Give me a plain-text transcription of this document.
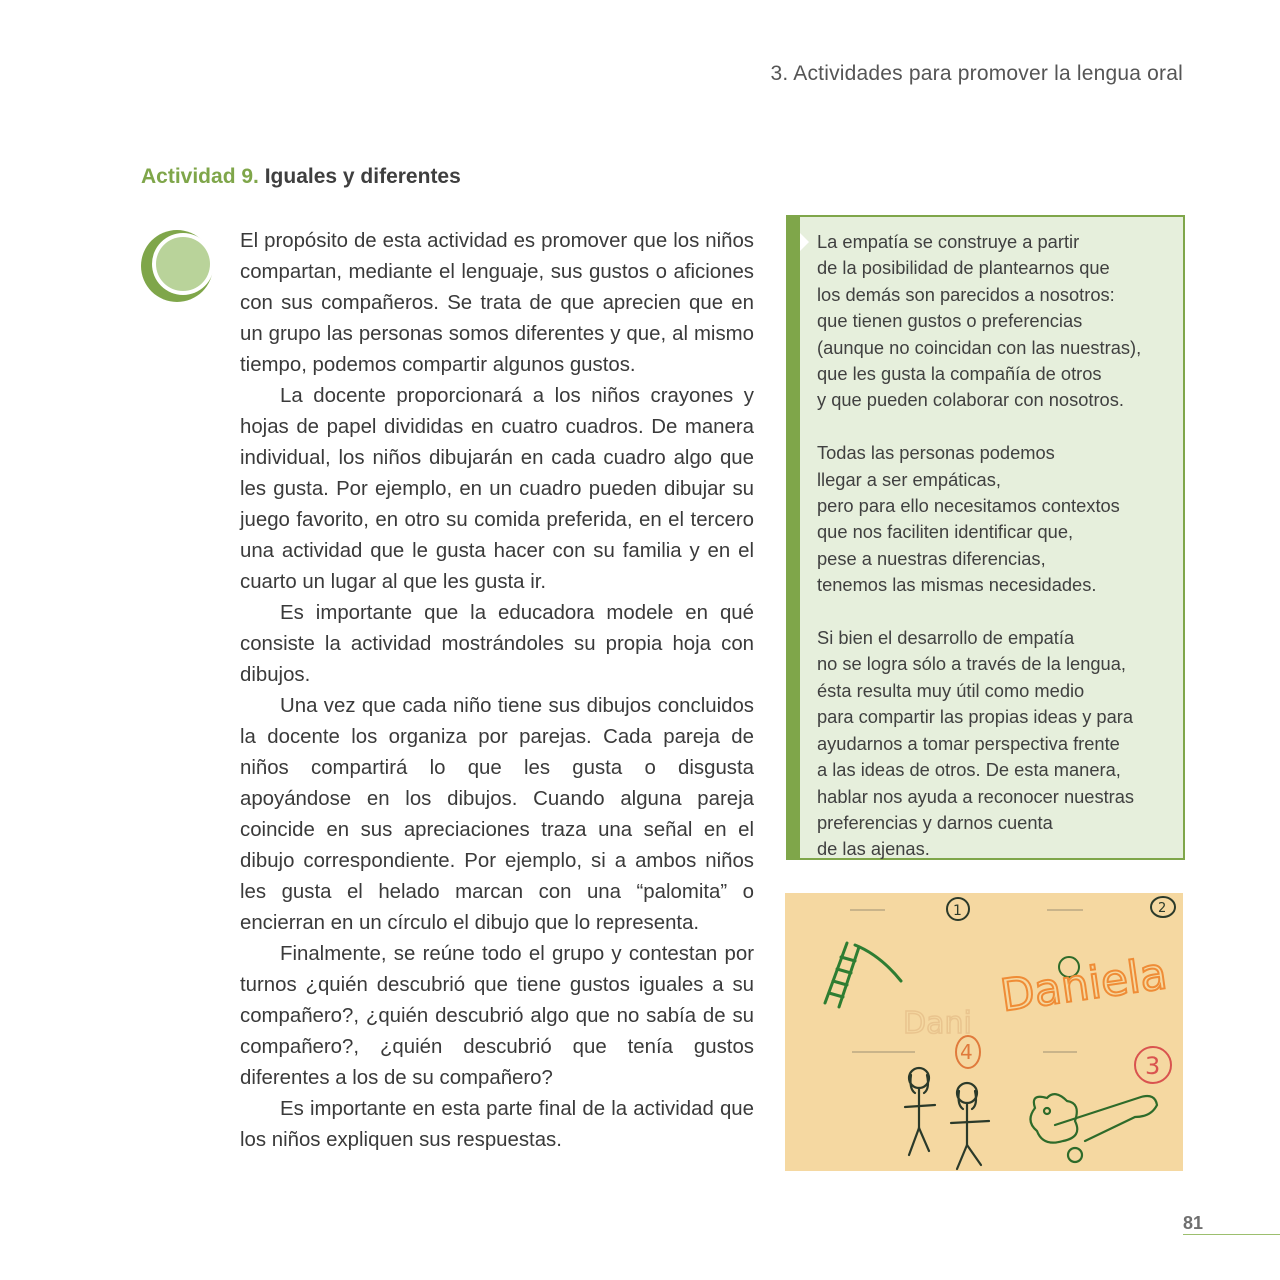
3. Actividades para promover la lengua oral
Actividad 9. Iguales y diferentes

El propósito de esta actividad es promover que los niños compartan, mediante el lenguaje, sus gustos o aficiones con sus compañeros. Se trata de que aprecien que en un grupo las personas somos diferentes y que, al mismo tiempo, podemos compartir algunos gustos.

La docente proporcionará a los niños crayones y hojas de papel divididas en cuatro cuadros. De manera individual, los niños dibujarán en cada cuadro algo que les gusta. Por ejemplo, en un cuadro pueden dibujar su juego favorito, en otro su comida preferida, en el tercero una actividad que le gusta hacer con su familia y en el cuarto un lugar al que les gusta ir.

Es importante que la educadora modele en qué consiste la actividad mostrándoles su propia hoja con dibujos.

Una vez que cada niño tiene sus dibujos concluidos la docente los organiza por parejas. Cada pareja de niños compartirá lo que les gusta o disgusta apoyándose en los dibujos. Cuando alguna pareja coincide en sus apreciaciones traza una señal en el dibujo correspondiente. Por ejemplo, si a ambos niños les gusta el helado marcan con una “palomita” o encierran en un círculo el dibujo que lo representa.

Finalmente, se reúne todo el grupo y contestan por turnos ¿quién descubrió que tiene gustos iguales a su compañero?, ¿quién descubrió algo que no sabía de su compañero?, ¿quién descubrió que tenía gustos diferentes a los de su compañero?

Es importante en esta parte final de la actividad que los niños expliquen sus respuestas.

La empatía se construye a partir
de la posibilidad de plantearnos que
los demás son parecidos a nosotros:
que tienen gustos o preferencias
(aunque no coincidan con las nuestras),
que les gusta la compañía de otros
y que pueden colaborar con nosotros.

Todas las personas podemos
llegar a ser empáticas,
pero para ello necesitamos contextos
que nos faciliten identificar que,
pese a nuestras diferencias,
tenemos las mismas necesidades.

Si bien el desarrollo de empatía
no se logra sólo a través de la lengua,
ésta resulta muy útil como medio
para compartir las propias ideas y para
ayudarnos a tomar perspectiva frente
a las ideas de otros. De esta manera,
hablar nos ayuda a reconocer nuestras
preferencias y darnos cuenta
de las ajenas.

1	2
3
4
Daniela
Dani
81
